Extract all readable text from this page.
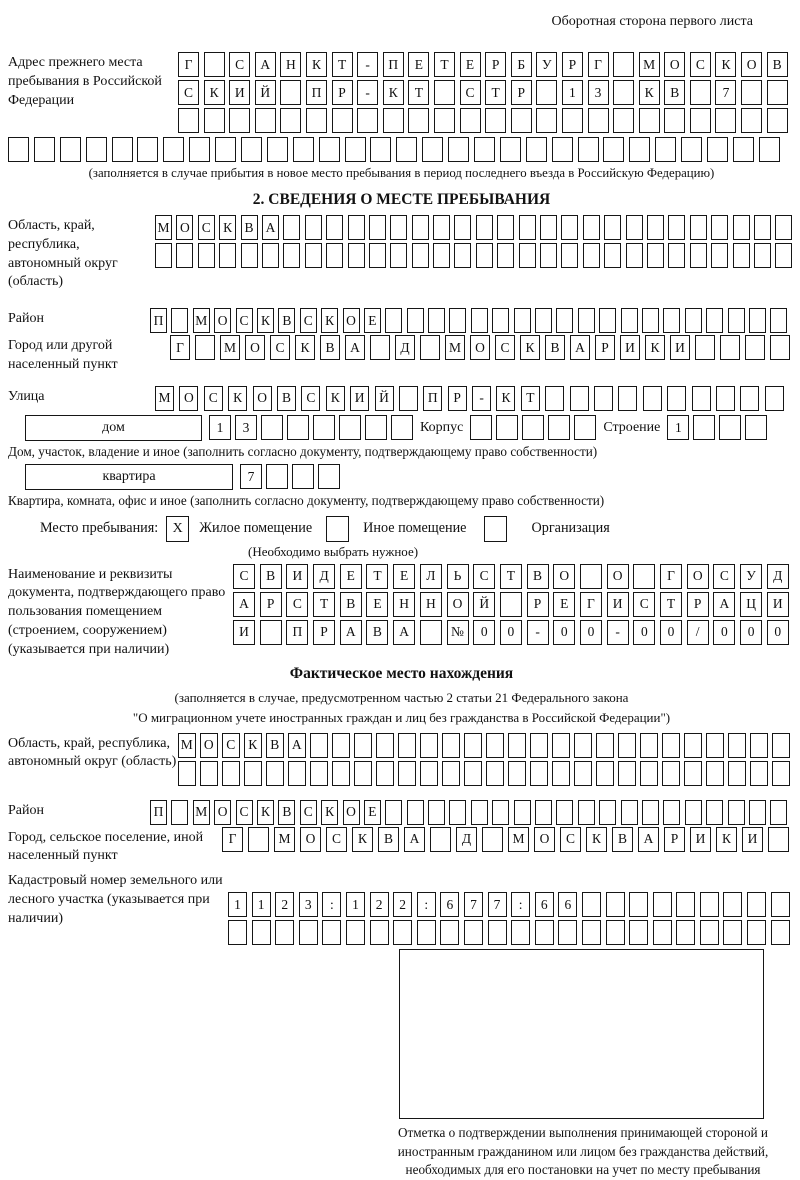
Оборотная сторона первого листа
Адрес прежнего места пребывания в Российской Федерации
Г	С	А	Н	К	Т	-	П	Е	Т	Е	Р	Б	У	Р	Г	М	О	С	К	О	В
С	К	И	Й	П	Р	-	К	Т	С	Т	Р	1	3	К	В	7
(заполняется в случае прибытия в новое место пребывания в период последнего въезда в Российскую Федерацию)
2. СВЕДЕНИЯ О МЕСТЕ ПРЕБЫВАНИЯ
Область, край, республика, автономный округ (область)
М О С К В А
Район	П М О С К В С К О Е
Город или другой населенный пункт
Г	М	О	С	К	В	А	Д	М	О	С	К	В	А	Р	И	К	И
Улица	М	О	С	К	О	В	С	К	И	Й	П	Р	-	К	Т
дом	1	3	Корпус	Строение	1
Дом, участок, владение и иное (заполнить согласно документу, подтверждающему право собственности)
квартира	7
Квартира, комната, офис и иное (заполнить согласно документу, подтверждающему право собственности)
Место пребывания:	X	Жилое помещение	Иное помещение	Организация
(Необходимо выбрать нужное)
Наименование и реквизиты документа, подтверждающего право пользования помещением (строением, сооружением) (указывается при наличии)
С	В	И	Д	Е	Т	Е	Л	Ь	С	Т	В	О	О	Г	О	С	У	Д
А	Р	С	Т	В	Е	Н	Н	О	Й	Р	Е	Г	И	С	Т	Р	А	Ц	И
И	П	Р	А	В	А	№	0	0	-	0	0	-	0	0	/	0	0	0
Фактическое место нахождения
(заполняется в случае, предусмотренном частью 2 статьи 21 Федерального закона
"О миграционном учете иностранных граждан и лиц без гражданства в Российской Федерации")
Область, край, республика, автономный округ (область)
М О С К В А
Район	П М О С К В С К О Е
Город, сельское поселение, иной населенный пункт
Г	М	О	С	К	В	А	Д	М	О	С	К	В	А	Р	И	К	И
Кадастровый номер земельного или лесного участка (указывается при наличии)
1	1	2	3	:	1	2	2	:	6	7	7	:	6	6
Отметка о подтверждении выполнения принимающей стороной и иностранным гражданином или лицом без гражданства действий, необходимых для его постановки на учет по месту пребывания
